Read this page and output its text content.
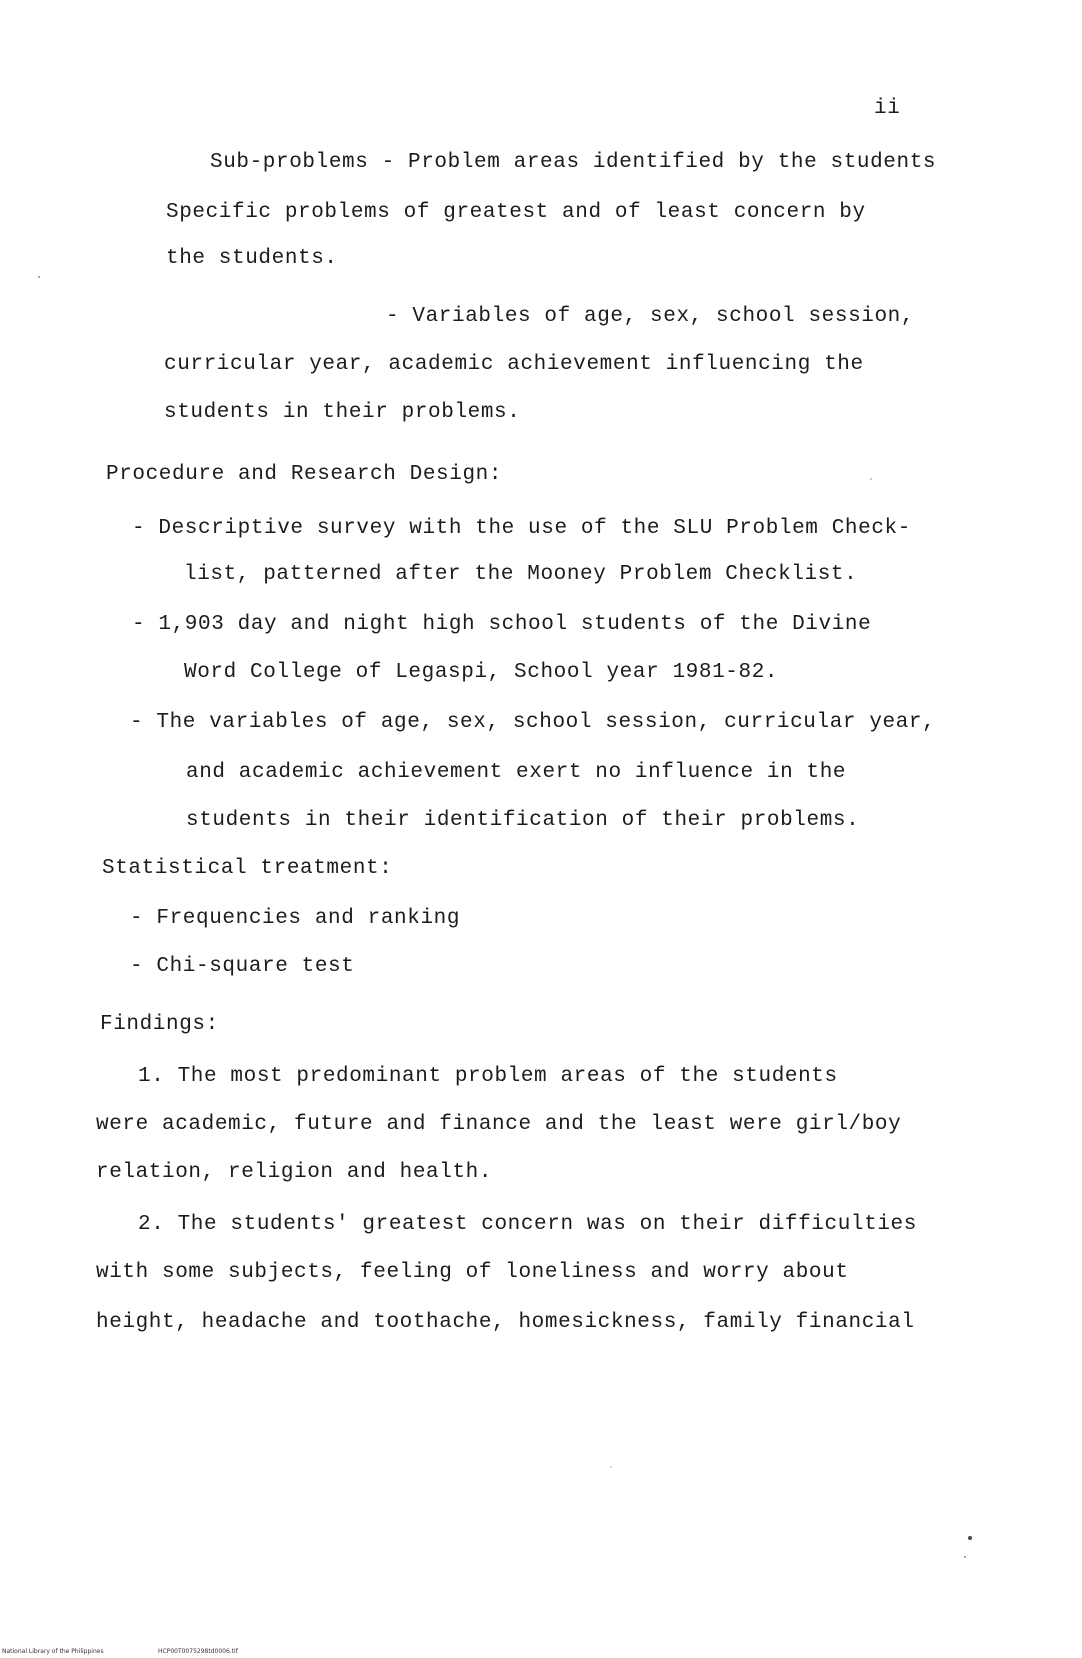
ii
Sub-problems - Problem areas identified by the students
Specific problems of greatest and of least concern by
the students.
- Variables of age, sex, school session,
curricular year, academic achievement influencing the
students in their problems.
Procedure and Research Design:
- Descriptive survey with the use of the SLU Problem Check-
list, patterned after the Mooney Problem Checklist.
- 1,903 day and night high school students of the Divine
Word College of Legaspi, School year 1981-82.
- The variables of age, sex, school session, curricular year,
and academic achievement exert no influence in the
students in their identification of their problems.
Statistical treatment:
- Frequencies and ranking
- Chi-square test
Findings:
1. The most predominant problem areas of the students
were academic, future and finance and the least were girl/boy
relation, religion and health.
2. The students' greatest concern was on their difficulties
with some subjects, feeling of loneliness and worry about
height, headache and toothache, homesickness, family financial
National Library of the Philippines	HCP00T0075298td0006.tif
